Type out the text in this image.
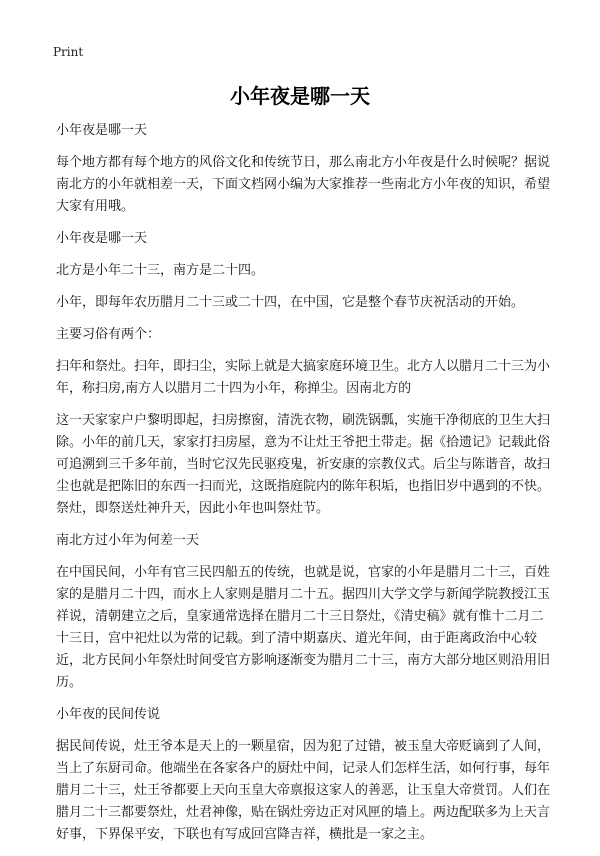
Print
小年夜是哪一天

小年夜是哪一天

每个地方都有每个地方的风俗文化和传统节日，那么南北方小年夜是什么时候呢？据说南北方的小年就相差一天，下面文档网小编为大家推荐一些南北方小年夜的知识，希望大家有用哦。

小年夜是哪一天

北方是小年二十三，南方是二十四。

小年，即每年农历腊月二十三或二十四，在中国，它是整个春节庆祝活动的开始。

主要习俗有两个：

扫年和祭灶。扫年，即扫尘，实际上就是大搞家庭环境卫生。北方人以腊月二十三为小年，称扫房,南方人以腊月二十四为小年，称掸尘。因南北方的

这一天家家户户黎明即起，扫房擦窗，清洗衣物，刷洗锅瓢，实施干净彻底的卫生大扫除。小年的前几天，家家打扫房屋，意为不让灶王爷把土带走。据《拾遗记》记载此俗可追溯到三千多年前，当时它汉先民驱疫鬼，祈安康的宗教仪式。后尘与陈谐音，故扫尘也就是把陈旧的东西一扫而光，这既指庭院内的陈年积垢，也指旧岁中遇到的不快。祭灶，即祭送灶神升天，因此小年也叫祭灶节。

南北方过小年为何差一天

在中国民间，小年有官三民四船五的传统，也就是说，官家的小年是腊月二十三，百姓家的是腊月二十四，而水上人家则是腊月二十五。据四川大学文学与新闻学院教授江玉祥说，清朝建立之后，皇家通常选择在腊月二十三日祭灶，《清史稿》就有惟十二月二十三日，宫中祀灶以为常的记载。到了清中期嘉庆、道光年间，由于距离政治中心较近，北方民间小年祭灶时间受官方影响逐渐变为腊月二十三，南方大部分地区则沿用旧历。

小年夜的民间传说

据民间传说，灶王爷本是天上的一颗星宿，因为犯了过错，被玉皇大帝贬谪到了人间，当上了东厨司命。他端坐在各家各户的厨灶中间，记录人们怎样生活，如何行事，每年腊月二十三，灶王爷都要上天向玉皇大帝禀报这家人的善恶，让玉皇大帝赏罚。人们在腊月二十三都要祭灶，灶君神像，贴在锅灶旁边正对风匣的墙上。两边配联多为上天言好事，下界保平安，下联也有写成回宫降吉祥，横批是一家之主。
